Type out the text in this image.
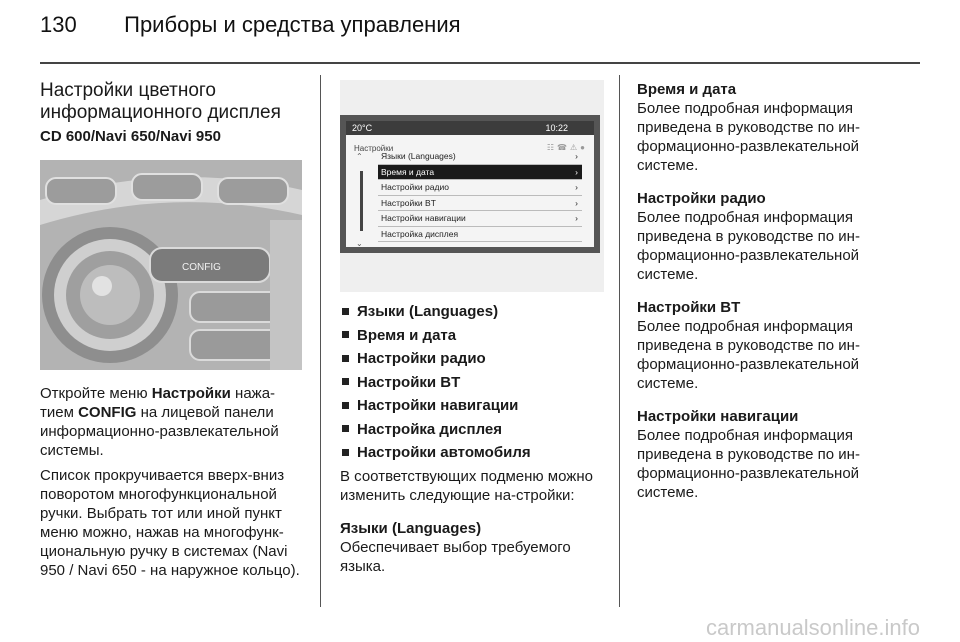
130 Приборы и средства управления
Настройки цветного
информационного дисплея
CD 600/Navi 650/Navi 950
CONFIG

Откройте меню Настройки нажа-тием CONFIG на лицевой панели информационно-развлекательной системы.

Список прокручивается вверх-вниз поворотом многофункциональной ручки. Выбрать тот или иной пункт меню можно, нажав на многофунк-циональную ручку в системах (Navi 950 / Navi 650 - на наружное кольцо).

20°C	10:22
Настройки	☷☎⚠●
⌃
⌄
Языки (Languages)	›
Время и дата	›
Настройки радио	›
Настройки BT	›
Настройки навигации	›
Настройка дисплея
Языки (Languages)
Время и дата
Настройки радио
Настройки BT
Настройки навигации
Настройка дисплея
Настройки автомобиля

В соответствующих подменю можно изменить следующие на-стройки:

Языки (Languages)

Обеспечивает выбор требуемого языка.

Время и дата

Более подробная информация приведена в руководстве по ин-формационно-развлекательной системе.

Настройки радио

Более подробная информация приведена в руководстве по ин-формационно-развлекательной системе.

Настройки BT

Более подробная информация приведена в руководстве по ин-формационно-развлекательной системе.

Настройки навигации

Более подробная информация приведена в руководстве по ин-формационно-развлекательной системе.

carmanualsonline.info
